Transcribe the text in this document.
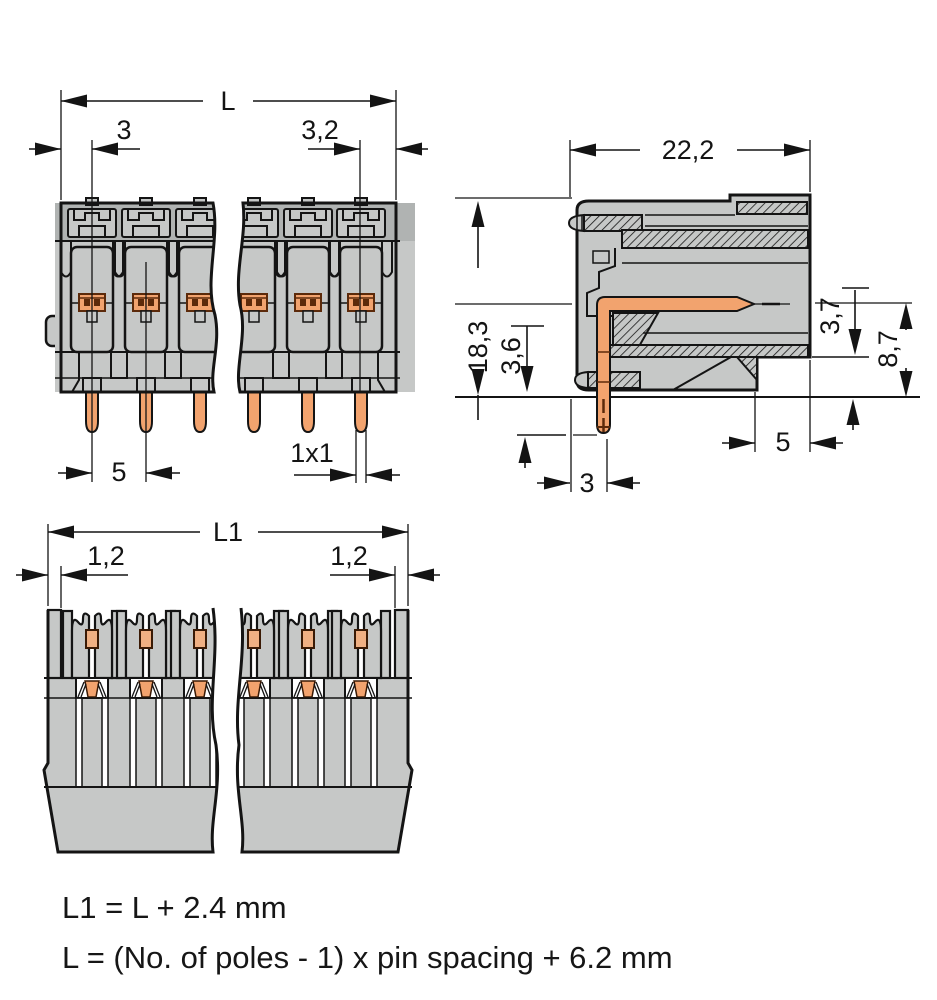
L
3	3,2
5
1x1
22,2
18,3 3,6
3
3,7
8,7
5
L1
1,2	1,2
L1 = L + 2.4 mm
L = (No. of poles - 1) x pin spacing + 6.2 mm
